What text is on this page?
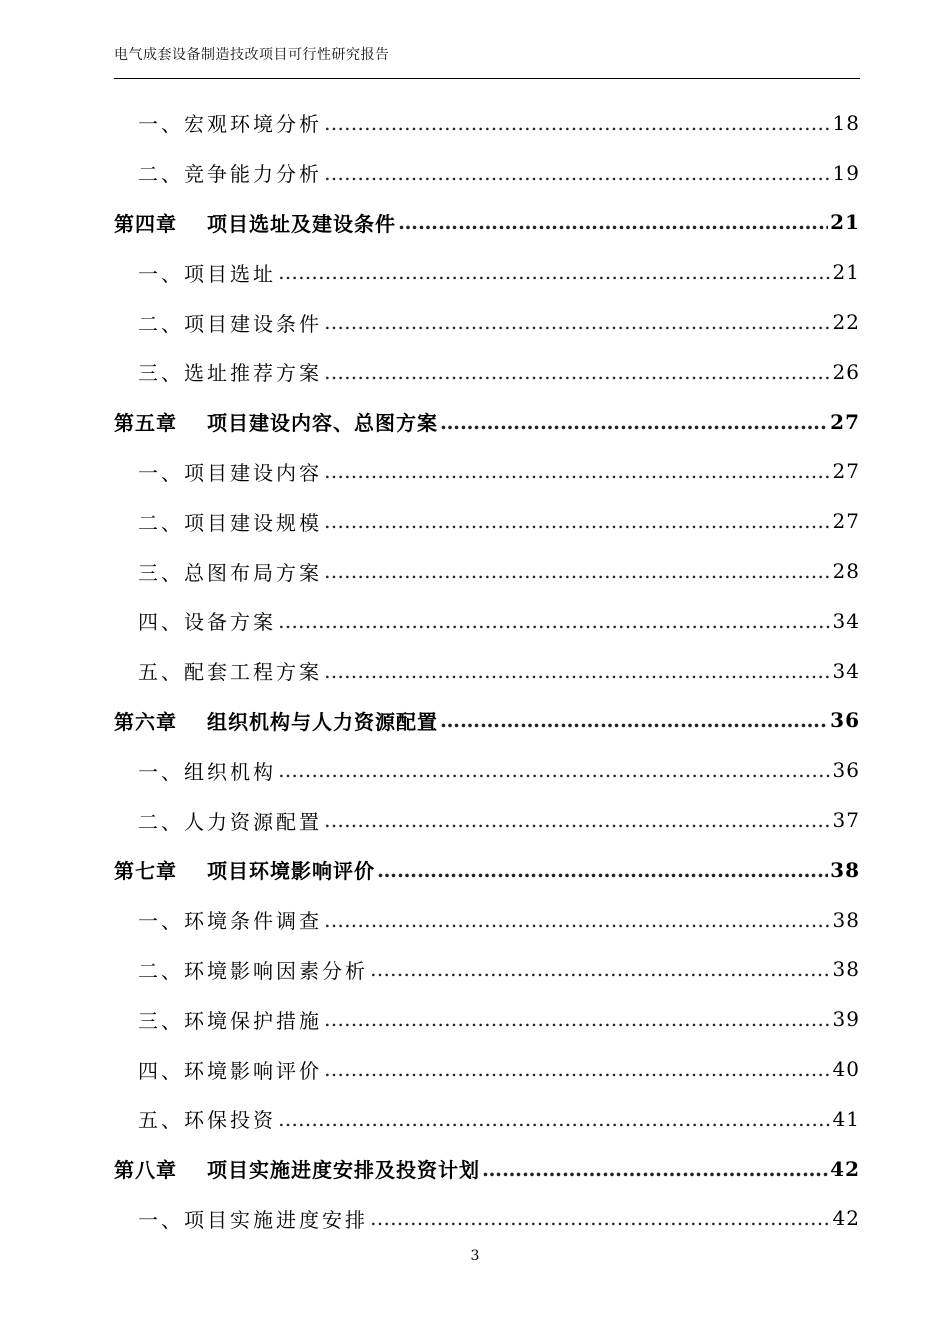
电气成套设备制造技改项目可行性研究报告
一、 宏观环境分析 ……………………………………………………………………………………………………………………………………………………………………………………	18
二、 竞争能力分析 ……………………………………………………………………………………………………………………………………………………………………………………	19
第四章 项目选址及建设条件 ……………………………………………………………………………………………………………………………………………………………………………………	21
一、 项目选址 ……………………………………………………………………………………………………………………………………………………………………………………	21
二、 项目建设条件 ……………………………………………………………………………………………………………………………………………………………………………………	22
三、 选址推荐方案 ……………………………………………………………………………………………………………………………………………………………………………………	26
第五章 项目建设内容、总图方案 ……………………………………………………………………………………………………………………………………………………………………………………	27
一、 项目建设内容 ……………………………………………………………………………………………………………………………………………………………………………………	27
二、 项目建设规模 ……………………………………………………………………………………………………………………………………………………………………………………	27
三、 总图布局方案 ……………………………………………………………………………………………………………………………………………………………………………………	28
四、 设备方案 ……………………………………………………………………………………………………………………………………………………………………………………	34
五、 配套工程方案 ……………………………………………………………………………………………………………………………………………………………………………………	34
第六章 组织机构与人力资源配置 ……………………………………………………………………………………………………………………………………………………………………………………	36
一、 组织机构 ……………………………………………………………………………………………………………………………………………………………………………………	36
二、 人力资源配置 ……………………………………………………………………………………………………………………………………………………………………………………	37
第七章 项目环境影响评价 ……………………………………………………………………………………………………………………………………………………………………………………	38
一、 环境条件调查 ……………………………………………………………………………………………………………………………………………………………………………………	38
二、 环境影响因素分析 ……………………………………………………………………………………………………………………………………………………………………………………	38
三、 环境保护措施 ……………………………………………………………………………………………………………………………………………………………………………………	39
四、 环境影响评价 ……………………………………………………………………………………………………………………………………………………………………………………	40
五、 环保投资 ……………………………………………………………………………………………………………………………………………………………………………………	41
第八章 项目实施进度安排及投资计划 ……………………………………………………………………………………………………………………………………………………………………………………	42
一、 项目实施进度安排 ……………………………………………………………………………………………………………………………………………………………………………………	42
3
